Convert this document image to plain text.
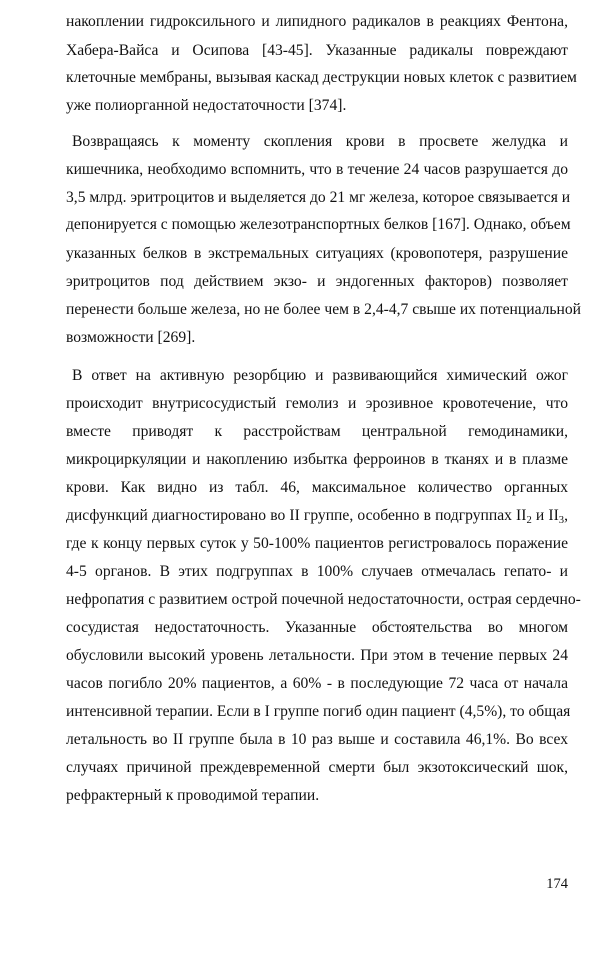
накоплении гидроксильного и липидного радикалов в реакциях Фентона,
Хабера-Вайса и Осипова [43-45]. Указанные радикалы повреждают
клеточные мембраны, вызывая каскад деструкции новых клеток с развитием
уже полиорганной недостаточности [374].
Возвращаясь к моменту скопления крови в просвете желудка и
кишечника, необходимо вспомнить, что в течение 24 часов разрушается до
3,5 млрд. эритроцитов и выделяется до 21 мг железа, которое связывается и
депонируется с помощью железотранспортных белков [167]. Однако, объем
указанных белков в экстремальных ситуациях (кровопотеря, разрушение
эритроцитов под действием экзо- и эндогенных факторов) позволяет
перенести больше железа, но не более чем в 2,4-4,7 свыше их потенциальной
возможности [269].
В ответ на активную резорбцию и развивающийся химический ожог
происходит внутрисосудистый гемолиз и эрозивное кровотечение, что
вместе приводят к расстройствам центральной гемодинамики,
микроциркуляции и накоплению избытка ферроинов в тканях и в плазме
крови. Как видно из табл. 46, максимальное количество органных
дисфункций диагностировано во II группе, особенно в подгруппах $II_2$ и $II_3$,
где к концу первых суток у 50-100% пациентов регистровалось поражение
4-5 органов. В этих подгруппах в 100% случаев отмечалась гепато- и
нефропатия с развитием острой почечной недостаточности, острая сердечно-
сосудистая недостаточность. Указанные обстоятельства во многом
обусловили высокий уровень летальности. При этом в течение первых 24
часов погибло 20% пациентов, а 60% - в последующие 72 часа от начала
интенсивной терапии. Если в I группе погиб один пациент (4,5%), то общая
летальность во II группе была в 10 раз выше и составила 46,1%. Во всех
случаях причиной преждевременной смерти был экзотоксический шок,
рефрактерный к проводимой терапии.
174
